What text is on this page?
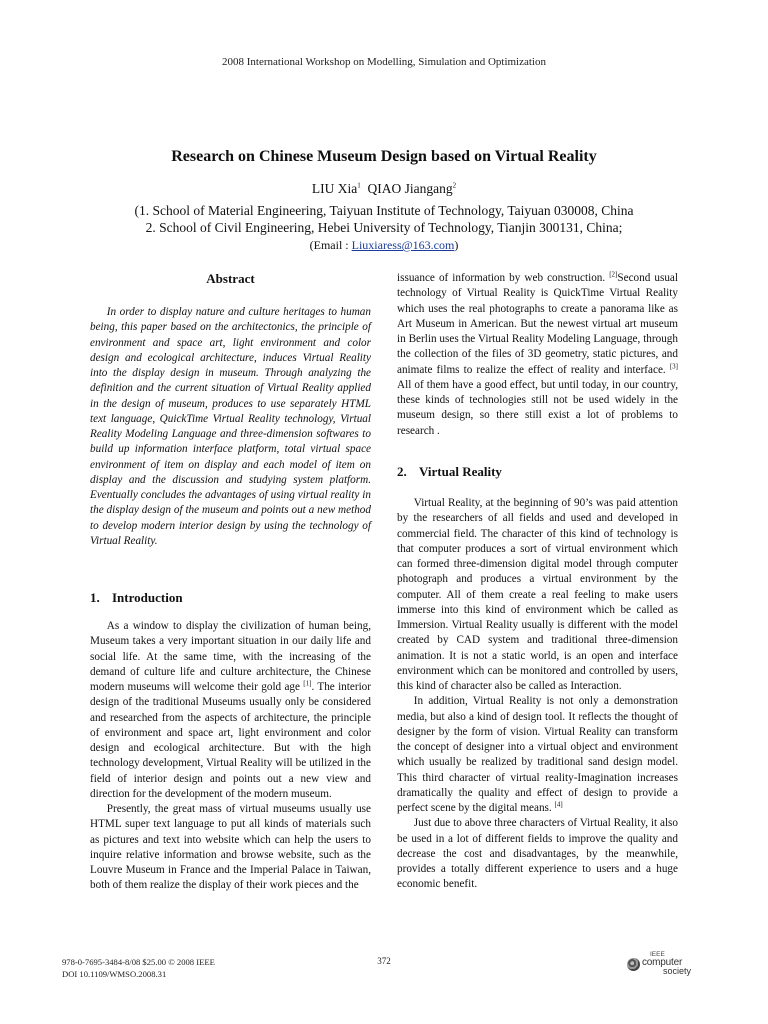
2008 International Workshop on Modelling, Simulation and Optimization
Research on Chinese Museum Design based on Virtual Reality
LIU Xia$^1$ QIAO Jiangang$^2$
(1. School of Material Engineering, Taiyuan Institute of Technology, Taiyuan 030008, China
2. School of Civil Engineering, Hebei University of Technology, Tianjin 300131, China;
(Email : Liuxiaress@163.com)
Abstract

In order to display nature and culture heritages to human being, this paper based on the architectonics, the principle of environment and space art, light environment and color design and ecological architecture, induces Virtual Reality into the display design in museum. Through analyzing the definition and the current situation of Virtual Reality applied in the design of museum, produces to use separately HTML text language, QuickTime Virtual Reality technology, Virtual Reality Modeling Language and three-dimension softwares to build up information interface platform, total virtual space environment of item on display and each model of item on display and the discussion and studying system platform. Eventually concludes the advantages of using virtual reality in the display design of the museum and points out a new method to develop modern interior design by using the technology of Virtual Reality.

1. Introduction

As a window to display the civilization of human being, Museum takes a very important situation in our daily life and social life. At the same time, with the increasing of the demand of culture life and culture architecture, the Chinese modern museums will welcome their gold age [1]. The interior design of the traditional Museums usually only be considered and researched from the aspects of architecture, the principle of environment and space art, light environment and color design and ecological architecture. But with the high technology development, Virtual Reality will be utilized in the field of interior design and points out a new view and direction for the development of the modern museum.

Presently, the great mass of virtual museums usually use HTML super text language to put all kinds of materials such as pictures and text into website which can help the users to inquire relative information and browse website, such as the Louvre Museum in France and the Imperial Palace in Taiwan, both of them realize the display of their work pieces and the

issuance of information by web construction. [2]Second usual technology of Virtual Reality is QuickTime Virtual Reality which uses the real photographs to create a panorama like as Art Museum in American. But the newest virtual art museum in Berlin uses the Virtual Reality Modeling Language, through the collection of the files of 3D geometry, static pictures, and animate films to realize the effect of reality and interface. [3] All of them have a good effect, but until today, in our country, these kinds of technologies still not be used widely in the museum design, so there still exist a lot of problems to research .

2. Virtual Reality

Virtual Reality, at the beginning of 90’s was paid attention by the researchers of all fields and used and developed in commercial field. The character of this kind of technology is that computer produces a sort of virtual environment which can formed three-dimension digital model through computer photograph and produces a virtual environment by the computer. All of them create a real feeling to make users immerse into this kind of environment which be called as Immersion. Virtual Reality usually is different with the model created by CAD system and traditional three-dimension animation. It is not a static world, is an open and interface environment which can be monitored and controlled by users, this kind of character also be called as Interaction.

In addition, Virtual Reality is not only a demonstration media, but also a kind of design tool. It reflects the thought of designer by the form of vision. Virtual Reality can transform the concept of designer into a virtual object and environment which usually be realized by traditional sand design model. This third character of virtual reality-Imagination increases dramatically the quality and effect of design to provide a perfect scene by the digital means. [4]

Just due to above three characters of Virtual Reality, it also be used in a lot of different fields to improve the quality and decrease the cost and disadvantages, by the meanwhile, provides a totally different experience to users and a huge economic benefit.

978-0-7695-3484-8/08 $25.00 © 2008 IEEE
DOI 10.1109/WMSO.2008.31
372
IEEE
computer
society
